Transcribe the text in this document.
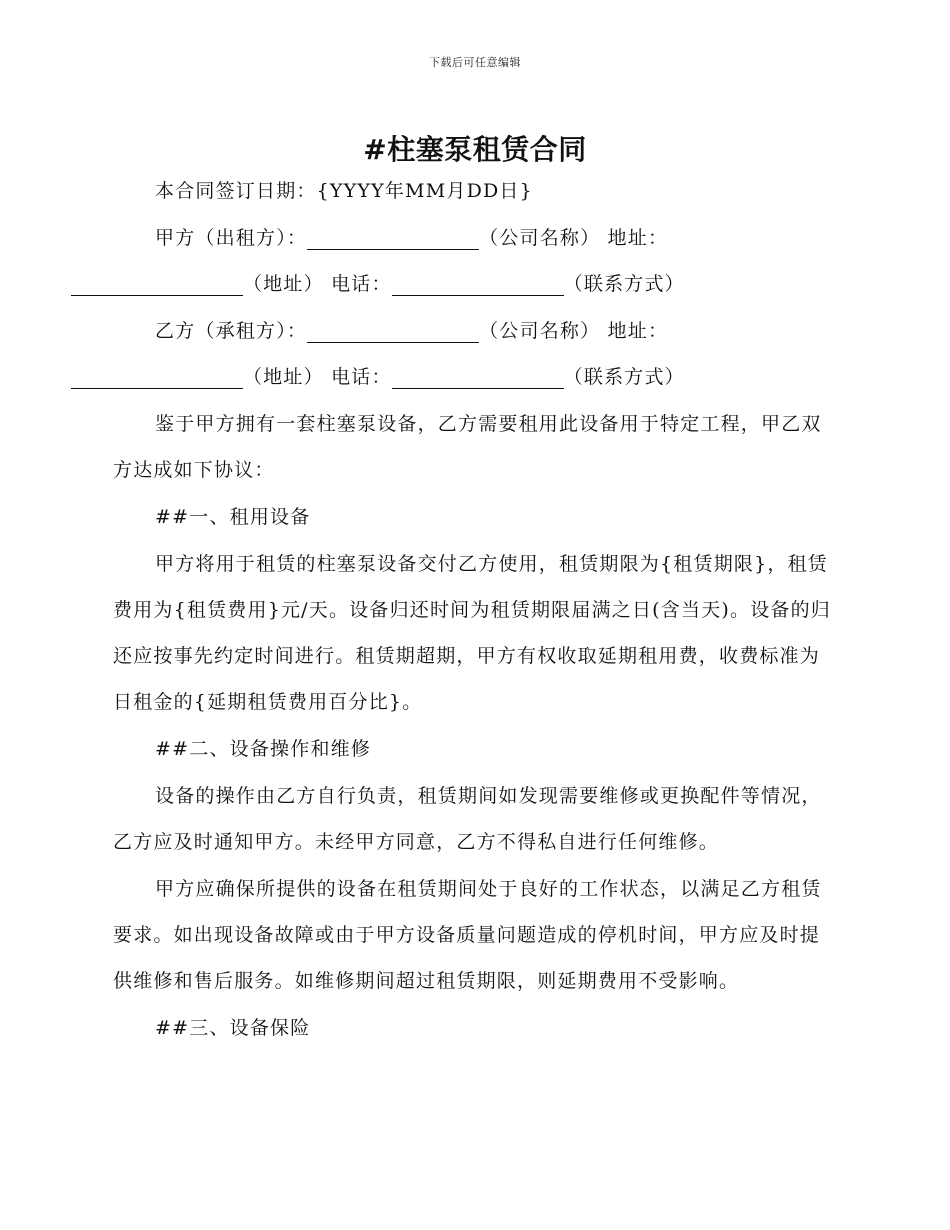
下载后可任意编辑
#柱塞泵租赁合同

本合同签订日期：{YYYY年MM月DD日}

甲方（出租方）：	（公司名称） 地址：
（地址） 电话：	（联系方式）

乙方（承租方）：	（公司名称） 地址：
（地址） 电话：	（联系方式）

鉴于甲方拥有一套柱塞泵设备，乙方需要租用此设备用于特定工程，甲乙双方达成如下协议：

##一、租用设备

甲方将用于租赁的柱塞泵设备交付乙方使用，租赁期限为{租赁期限}，租赁费用为{租赁费用}元/天。设备归还时间为租赁期限届满之日(含当天)。设备的归还应按事先约定时间进行。租赁期超期，甲方有权收取延期租用费，收费标准为日租金的{延期租赁费用百分比}。

##二、设备操作和维修

设备的操作由乙方自行负责，租赁期间如发现需要维修或更换配件等情况，乙方应及时通知甲方。未经甲方同意，乙方不得私自进行任何维修。

甲方应确保所提供的设备在租赁期间处于良好的工作状态，以满足乙方租赁要求。如出现设备故障或由于甲方设备质量问题造成的停机时间，甲方应及时提供维修和售后服务。如维修期间超过租赁期限，则延期费用不受影响。

##三、设备保险
